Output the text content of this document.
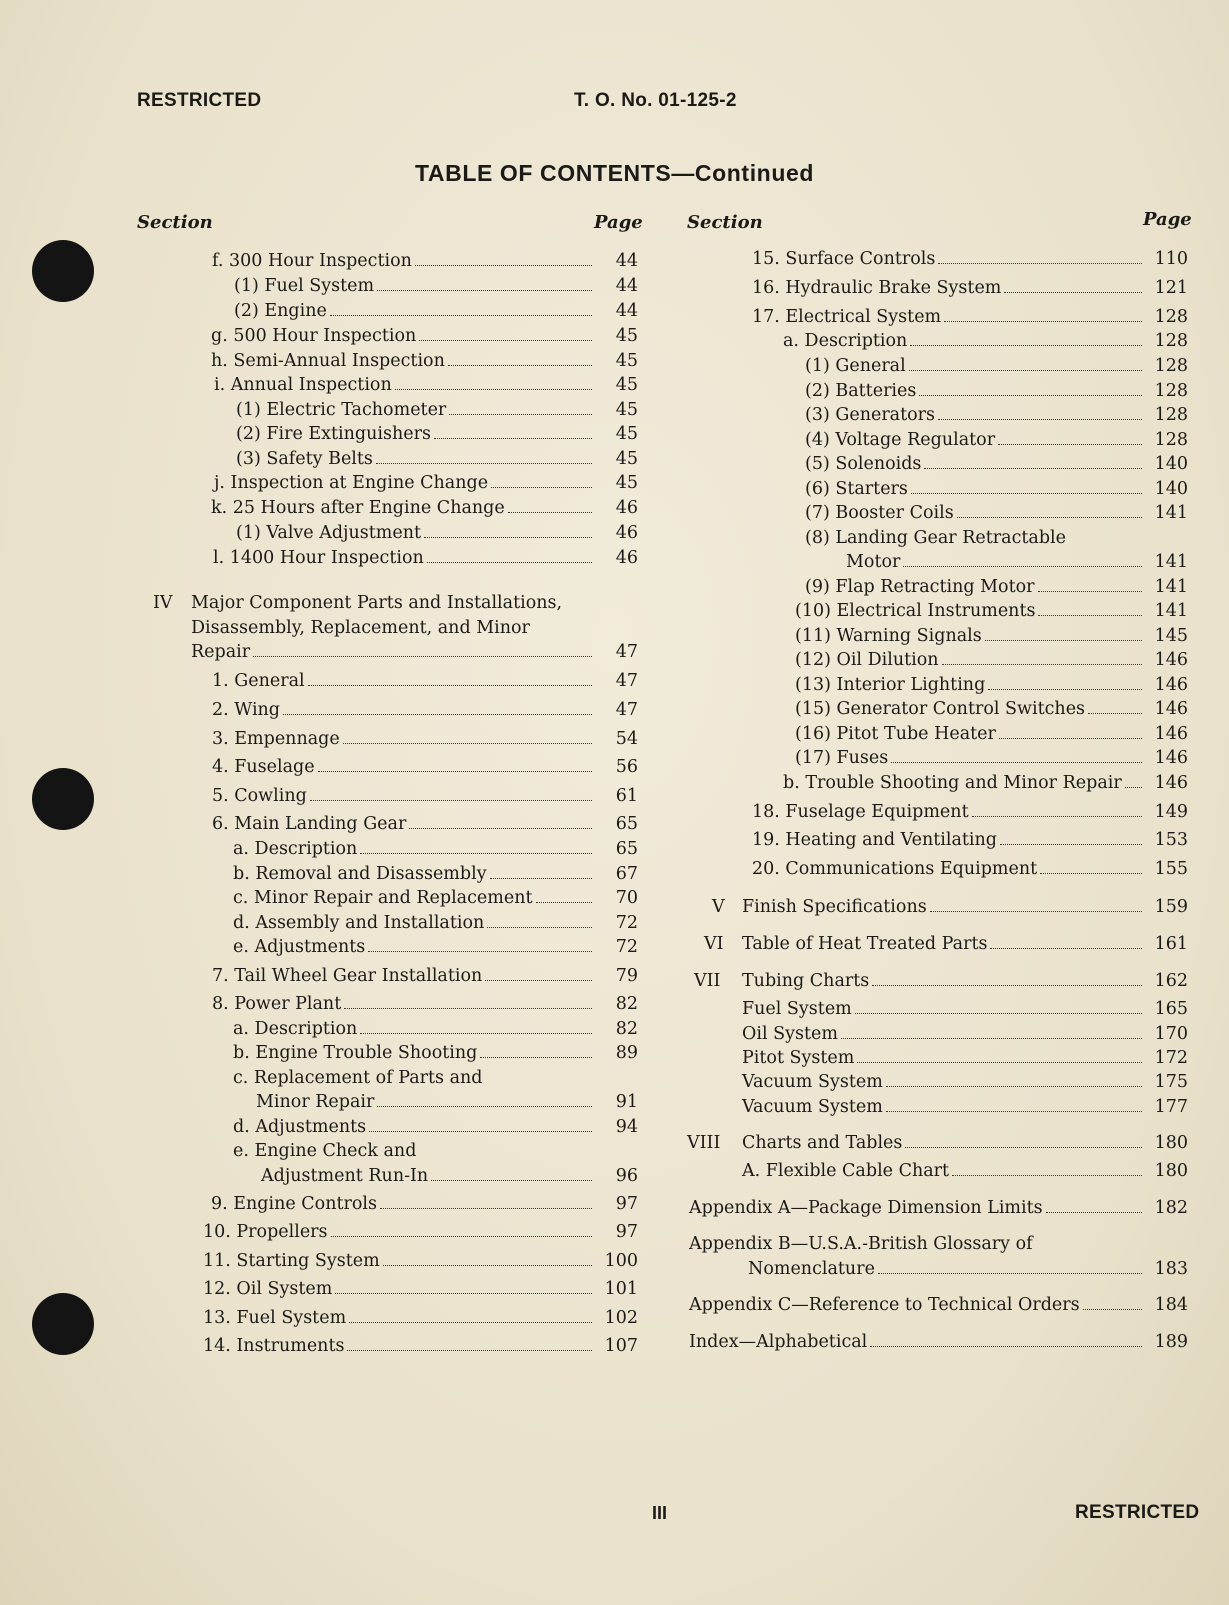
RESTRICTED	T. O. No. 01-125-2
TABLE OF CONTENTS—Continued
Section	Page Section	Page
f. 300 Hour Inspection	44
(1) Fuel System	44
(2) Engine	44
g. 500 Hour Inspection	45
h. Semi-Annual Inspection	45
i. Annual Inspection	45
(1) Electric Tachometer	45
(2) Fire Extinguishers	45
(3) Safety Belts	45
j. Inspection at Engine Change	45
k. 25 Hours after Engine Change	46
(1) Valve Adjustment	46
l. 1400 Hour Inspection	46
IV Major Component Parts and Installations,
Disassembly, Replacement, and Minor
Repair	47
1. General	47
2. Wing	47
3. Empennage	54
4. Fuselage	56
5. Cowling	61
6. Main Landing Gear	65
a. Description	65
b. Removal and Disassembly	67
c. Minor Repair and Replacement	70
d. Assembly and Installation	72
e. Adjustments	72
7. Tail Wheel Gear Installation	79
8. Power Plant	82
a. Description	82
b. Engine Trouble Shooting	89
c. Replacement of Parts and
Minor Repair	91
d. Adjustments	94
e. Engine Check and
Adjustment Run-In	96
9. Engine Controls	97
10. Propellers	97
11. Starting System	100
12. Oil System	101
13. Fuel System	102
14. Instruments	107
15. Surface Controls	110
16. Hydraulic Brake System	121
17. Electrical System	128
a. Description	128
(1) General	128
(2) Batteries	128
(3) Generators	128
(4) Voltage Regulator	128
(5) Solenoids	140
(6) Starters	140
(7) Booster Coils	141
(8) Landing Gear Retractable
Motor	141
(9) Flap Retracting Motor	141
(10) Electrical Instruments	141
(11) Warning Signals	145
(12) Oil Dilution	146
(13) Interior Lighting	146
(15) Generator Control Switches	146
(16) Pitot Tube Heater	146
(17) Fuses	146
b. Trouble Shooting and Minor Repair	146
18. Fuselage Equipment	149
19. Heating and Ventilating	153
20. Communications Equipment	155
V Finish Specifications	159
VI	Table of Heat Treated Parts	161
VII	Tubing Charts	162
Fuel System	165
Oil System	170
Pitot System	172
Vacuum System	175
Vacuum System	177
VIII	Charts and Tables	180
A. Flexible Cable Chart	180
Appendix A—Package Dimension Limits	182
Appendix B—U.S.A.-British Glossary of
Nomenclature	183
Appendix C—Reference to Technical Orders	184
Index—Alphabetical	189
III	RESTRICTED
